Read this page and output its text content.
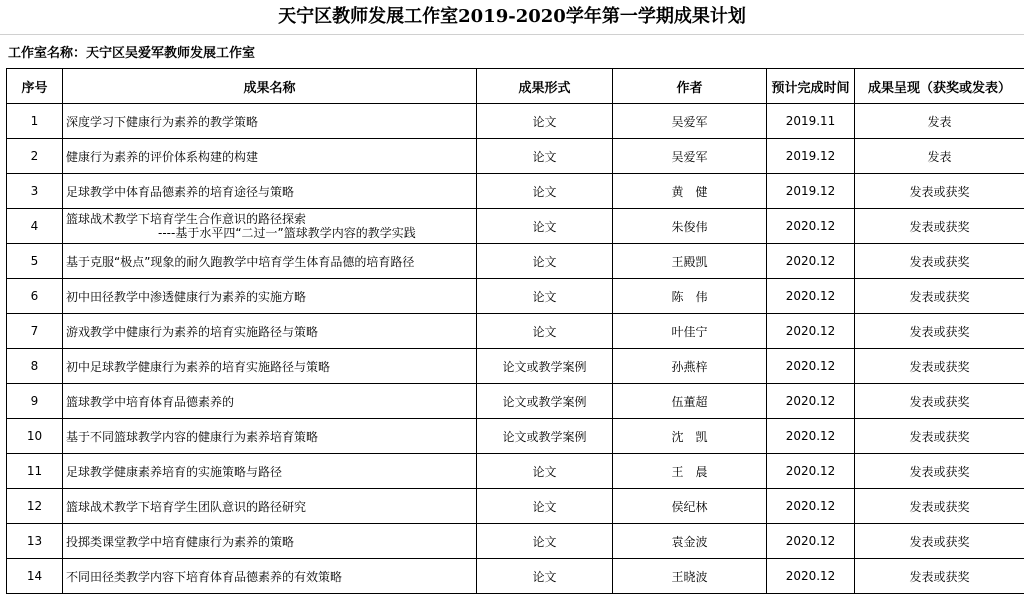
天宁区教师发展工作室2019-2020学年第一学期成果计划
工作室名称：天宁区吴爱军教师发展工作室
序号	成果名称	成果形式	作者	预计完成时间	成果呈现（获奖或发表）
1	深度学习下健康行为素养的教学策略	论文	吴爱军	2019.11	发表
2	健康行为素养的评价体系构建的构建	论文	吴爱军	2019.12	发表
3	足球教学中体育品德素养的培育途径与策略	论文	黄　健	2019.12	发表或获奖
4	篮球战术教学下培育学生合作意识的路径探索
----基于水平四“二过一”篮球教学内容的教学实践	论文	朱俊伟	2020.12	发表或获奖
5	基于克服“极点”现象的耐久跑教学中培育学生体育品德的培育路径	论文	王殿凯	2020.12	发表或获奖
6	初中田径教学中渗透健康行为素养的实施方略	论文	陈　伟	2020.12	发表或获奖
7	游戏教学中健康行为素养的培育实施路径与策略	论文	叶佳宁	2020.12	发表或获奖
8	初中足球教学健康行为素养的培育实施路径与策略	论文或教学案例	孙燕梓	2020.12	发表或获奖
9	篮球教学中培育体育品德素养的	论文或教学案例	伍董超	2020.12	发表或获奖
10	基于不同篮球教学内容的健康行为素养培育策略	论文或教学案例	沈　凯	2020.12	发表或获奖
11	足球教学健康素养培育的实施策略与路径	论文	王　晨	2020.12	发表或获奖
12	篮球战术教学下培育学生团队意识的路径研究	论文	侯纪林	2020.12	发表或获奖
13	投掷类课堂教学中培育健康行为素养的策略	论文	袁金波	2020.12	发表或获奖
14	不同田径类教学内容下培育体育品德素养的有效策略	论文	王晓波	2020.12	发表或获奖
